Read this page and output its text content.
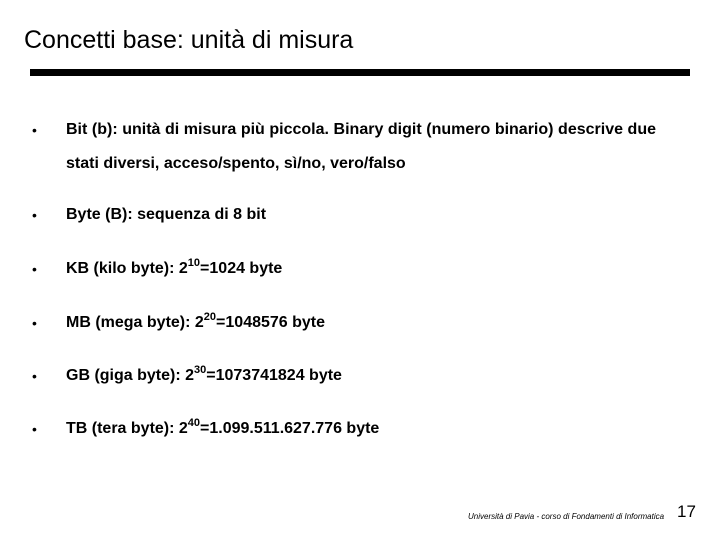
Concetti base: unità di misura
• Bit (b): unità di misura più piccola. Binary digit (numero binario) descrive due stati diversi, acceso/spento, sì/no, vero/falso
• Byte (B): sequenza di 8 bit
• KB (kilo byte): $2^{10}=1024$ byte
• MB (mega byte): $2^{20}=1048576$ byte
• GB (giga byte): $2^{30}=1073741824$ byte
• TB (tera byte): $2^{40}=1.099.511.627.776$ byte
Università di Pavia - corso di Fondamenti di Informatica 17
